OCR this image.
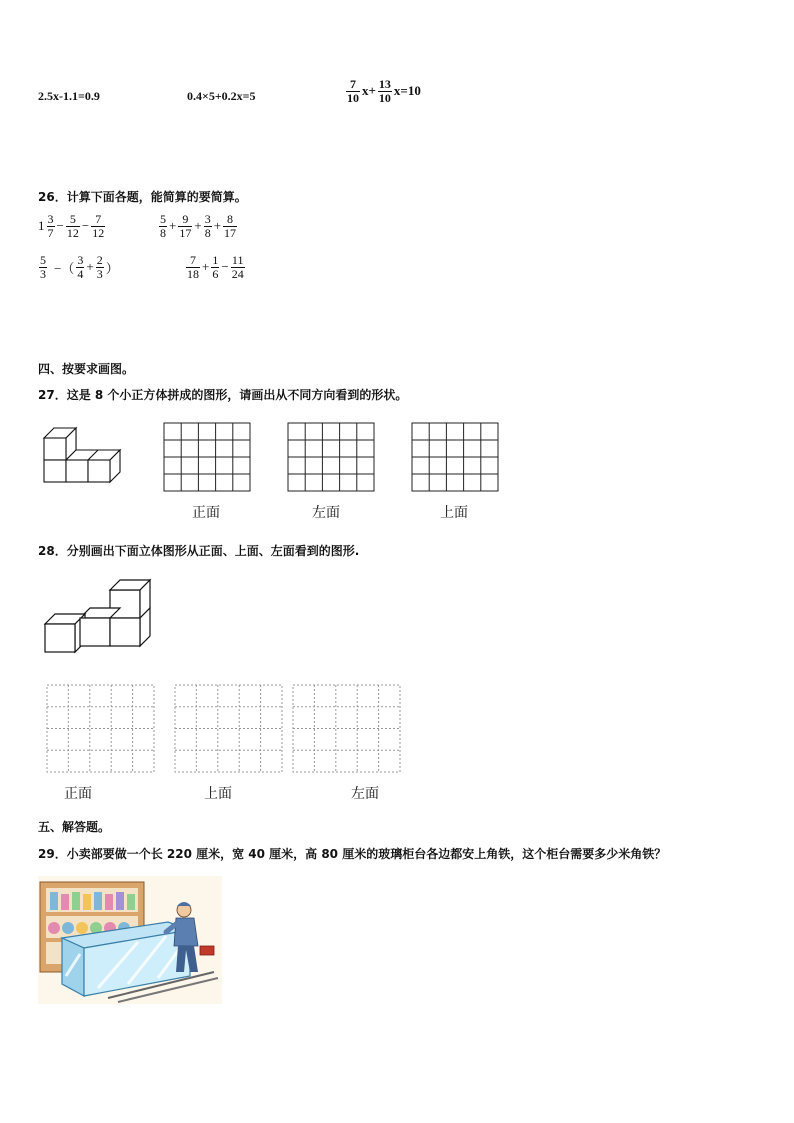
2.5x-1.1=0.9	0.4×5+0.2x=5	$\frac{7}{10} x+ \frac{13}{10} x=10$
26．计算下面各题，能简算的要简算。
$1 \frac{3}{7} - \frac{5}{12} - \frac{7}{12}$	$\frac{5}{8} + \frac{9}{17} + \frac{3}{8} + \frac{8}{17}$
$\frac{5}{3}$ −（ $\frac{3}{4} + \frac{2}{3}$ ）	$\frac{7}{18} + \frac{1}{6} - \frac{11}{24}$
四、按要求画图。
27．这是 8 个小正方体拼成的图形，请画出从不同方向看到的形状。
正面	左面	上面
28．分别画出下面立体图形从正面、上面、左面看到的图形.
正面	上面	左面
五、解答题。
29．小卖部要做一个长 220 厘米，宽 40 厘米，高 80 厘米的玻璃柜台各边都安上角铁，这个柜台需要多少米角铁？
